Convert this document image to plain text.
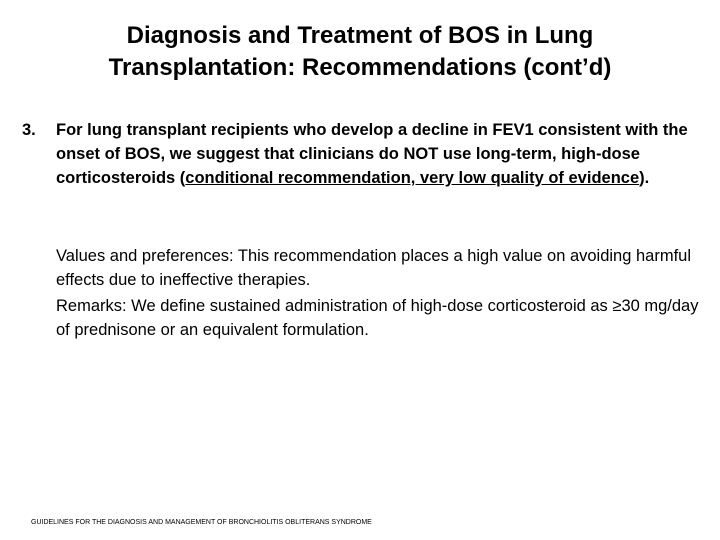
Diagnosis and Treatment of BOS in Lung
Transplantation: Recommendations (cont’d)
3. For lung transplant recipients who develop a decline in FEV1 consistent with the onset of BOS, we suggest that clinicians do NOT use long-term, high-dose corticosteroids (conditional recommendation, very low quality of evidence).
Values and preferences: This recommendation places a high value on avoiding harmful effects due to ineffective therapies.
Remarks: We define sustained administration of high-dose corticosteroid as ≥30 mg/day of prednisone or an equivalent formulation.
GUIDELINES FOR THE DIAGNOSIS AND MANAGEMENT OF BRONCHIOLITIS OBLITERANS SYNDROME
